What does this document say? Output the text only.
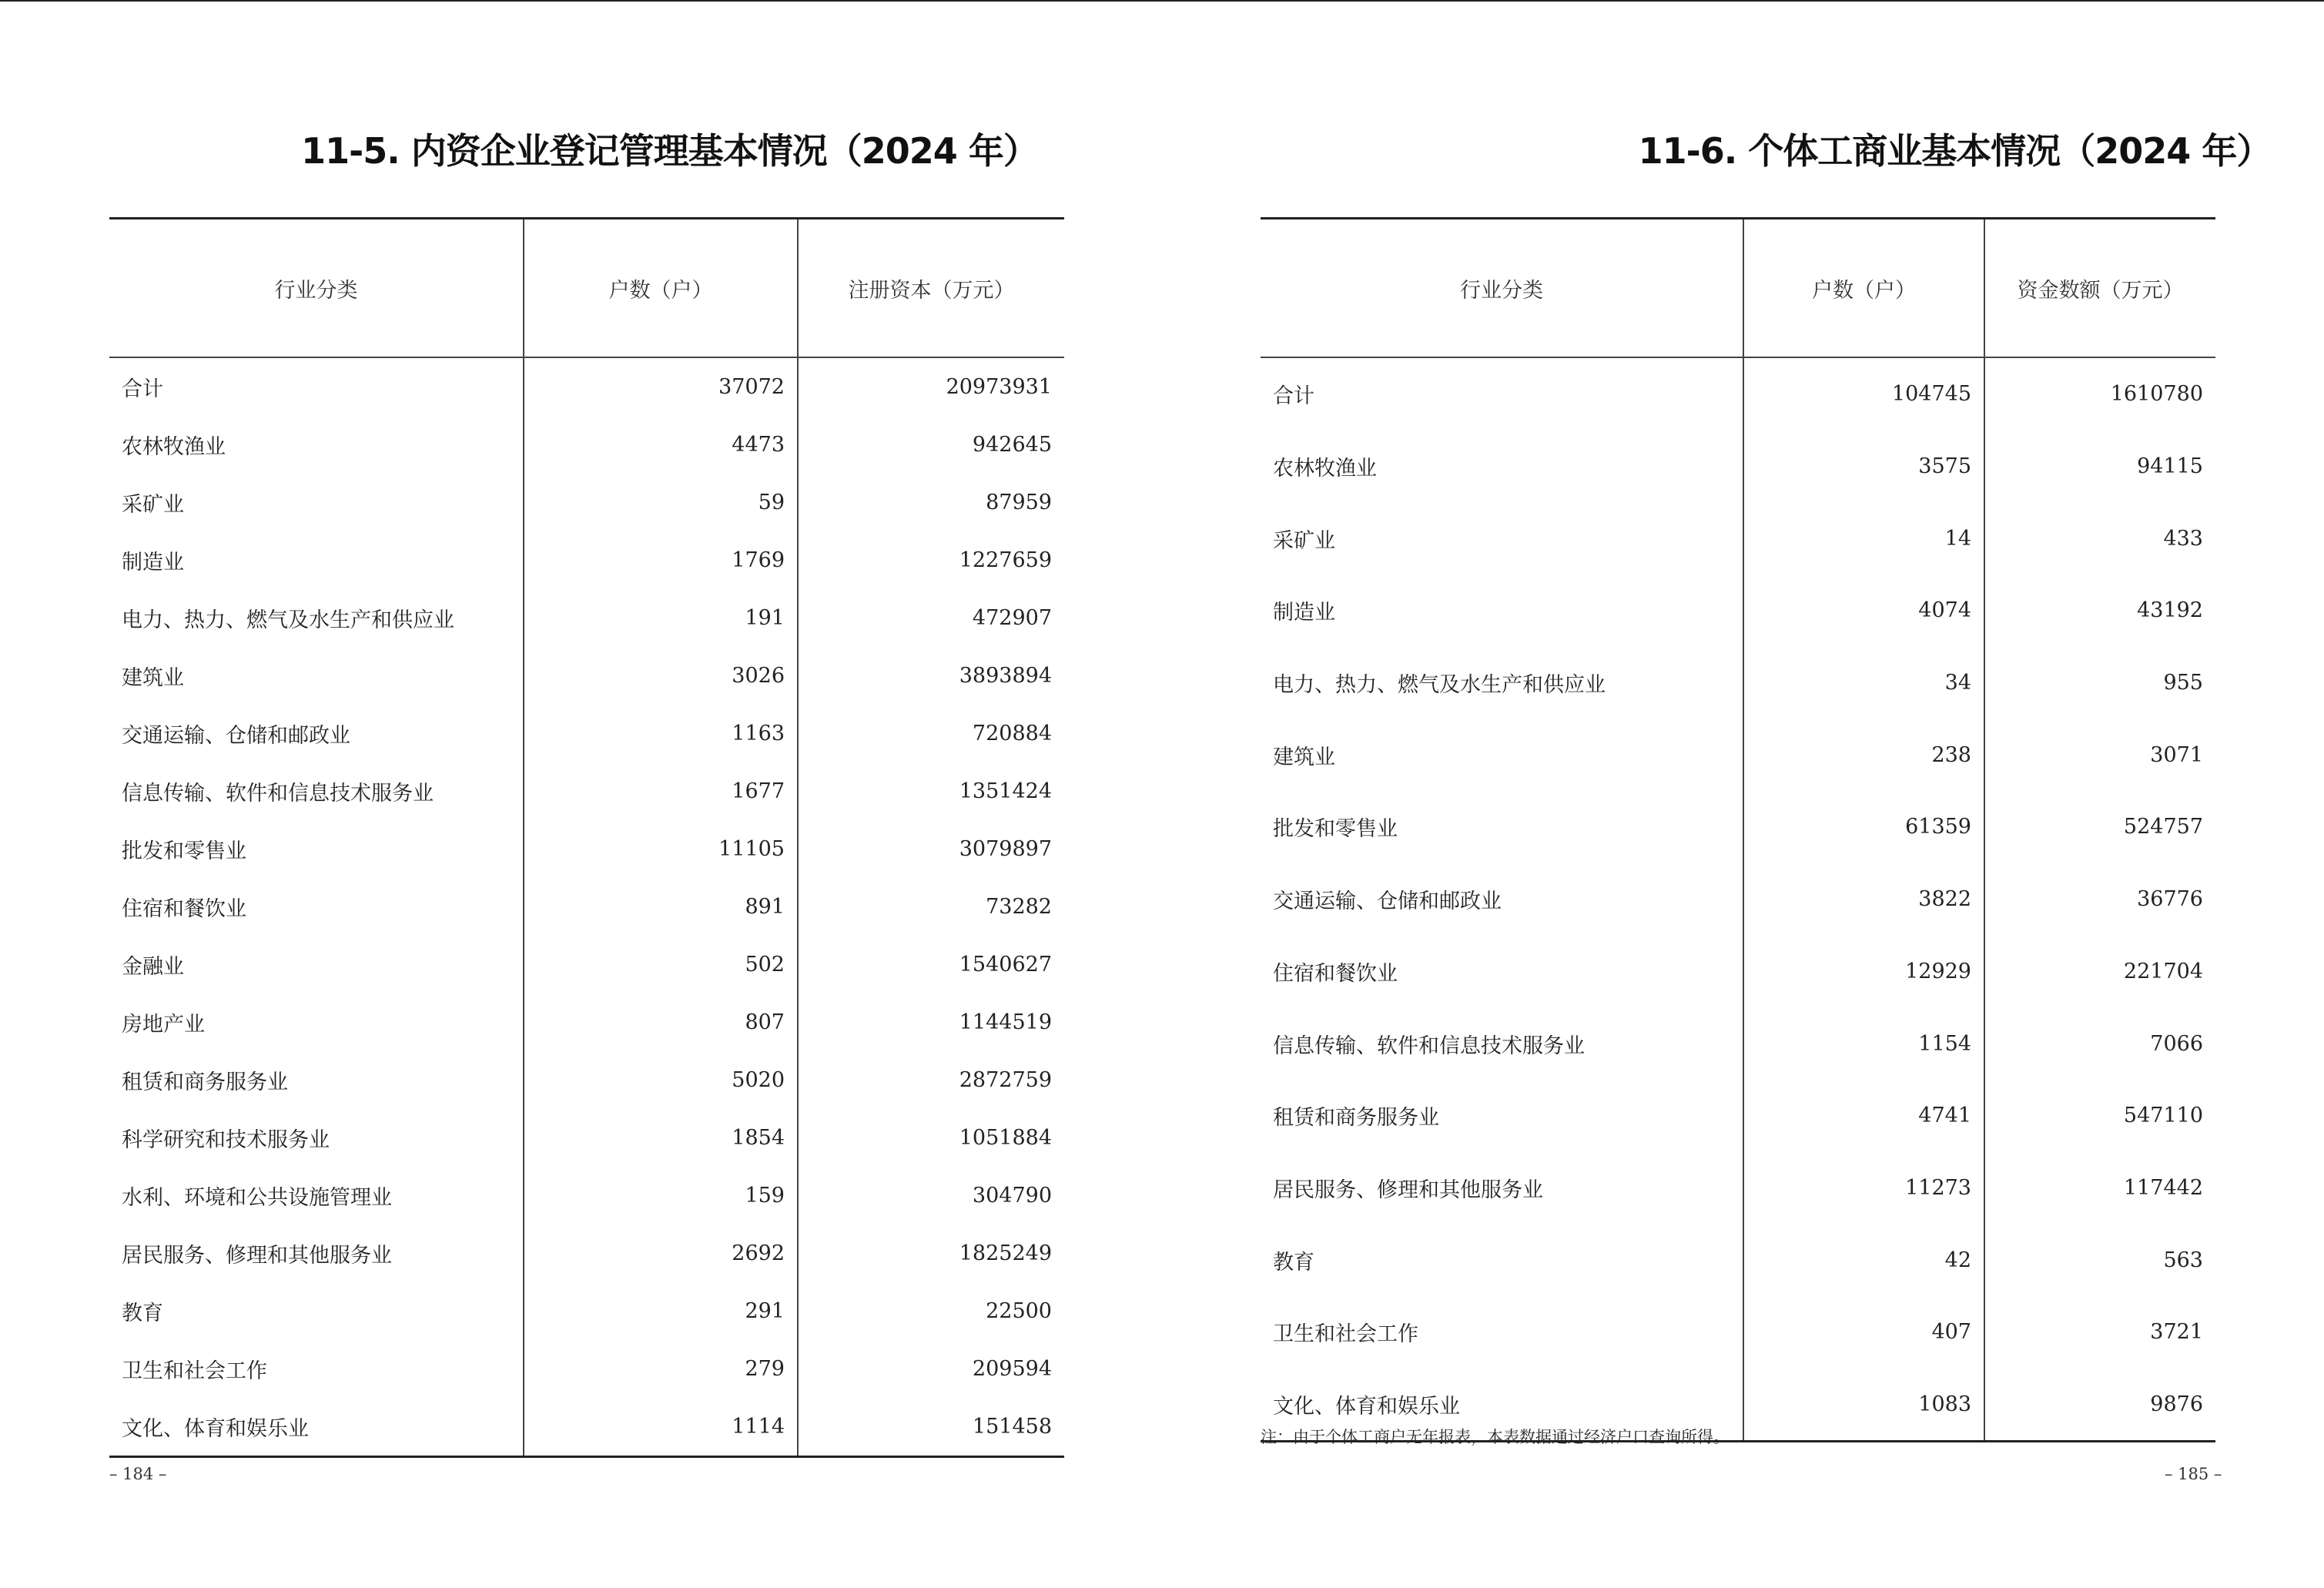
11-5. 内资企业登记管理基本情况（2024 年）
行业分类	户数（户）	注册资本（万元）
合计	37072	20973931
农林牧渔业	4473	942645
采矿业	59	87959
制造业	1769	1227659
电力、热力、燃气及水生产和供应业	191	472907
建筑业	3026	3893894
交通运输、仓储和邮政业	1163	720884
信息传输、软件和信息技术服务业	1677	1351424
批发和零售业	11105	3079897
住宿和餐饮业	891	73282
金融业	502	1540627
房地产业	807	1144519
租赁和商务服务业	5020	2872759
科学研究和技术服务业	1854	1051884
水利、环境和公共设施管理业	159	304790
居民服务、修理和其他服务业	2692	1825249
教育	291	22500
卫生和社会工作	279	209594
文化、体育和娱乐业	1114	151458
– 184 –
11-6. 个体工商业基本情况（2024 年）
行业分类	户数（户）	资金数额（万元）
合计	104745	1610780
农林牧渔业	3575	94115
采矿业	14	433
制造业	4074	43192
电力、热力、燃气及水生产和供应业	34	955
建筑业	238	3071
批发和零售业	61359	524757
交通运输、仓储和邮政业	3822	36776
住宿和餐饮业	12929	221704
信息传输、软件和信息技术服务业	1154	7066
租赁和商务服务业	4741	547110
居民服务、修理和其他服务业	11273	117442
教育	42	563
卫生和社会工作	407	3721
文化、体育和娱乐业	1083	9876
注：由于个体工商户无年报表，本表数据通过经济户口查询所得。
– 185 –
